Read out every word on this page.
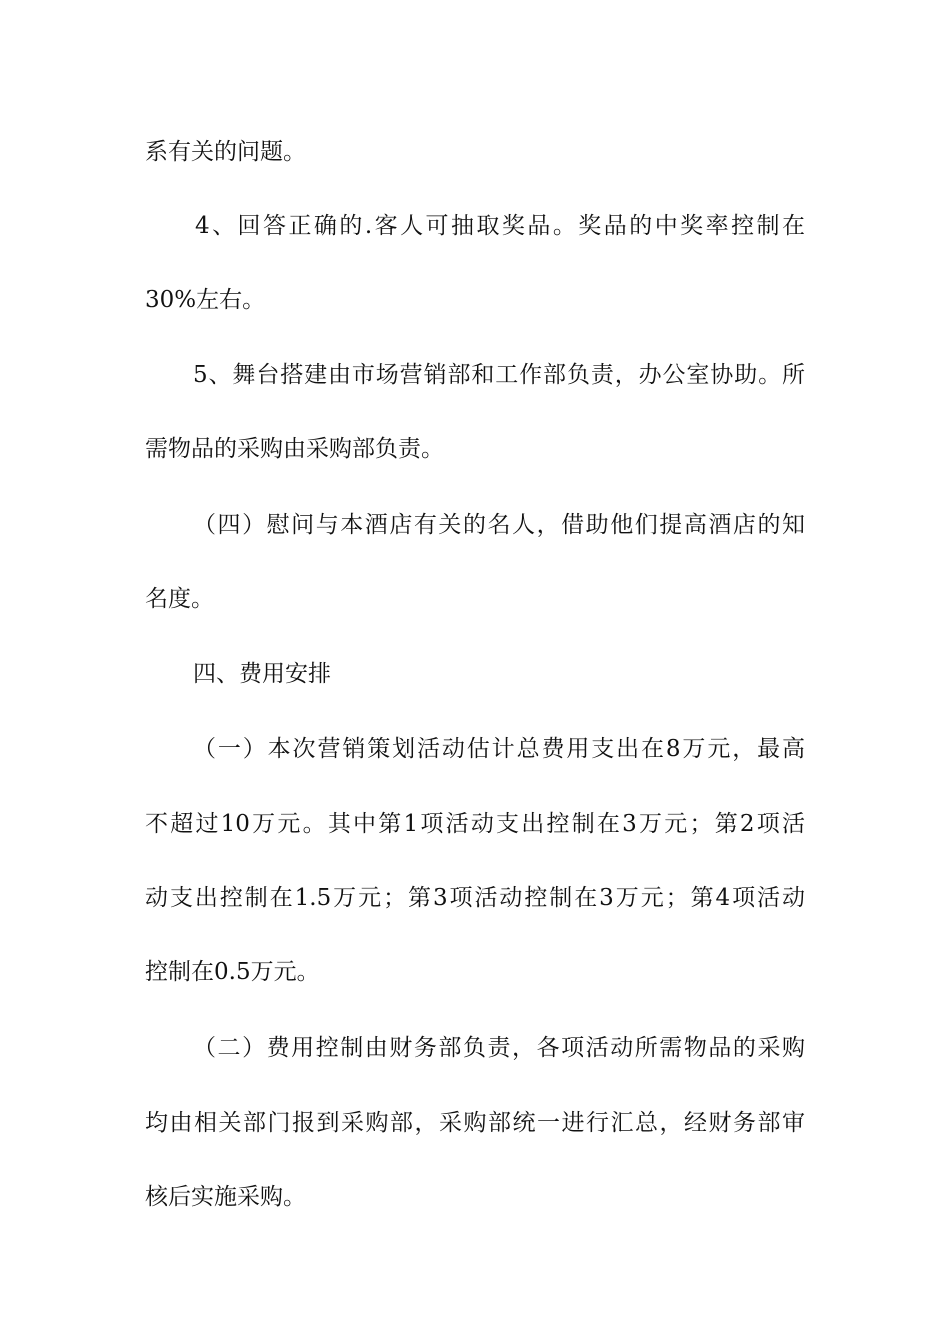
系有关的问题。

4、回答正确的.客人可抽取奖品。奖品的中奖率控制在

30%左右。

5、舞台搭建由市场营销部和工作部负责，办公室协助。所

需物品的采购由采购部负责。

（四）慰问与本酒店有关的名人，借助他们提高酒店的知

名度。

四、费用安排

（一）本次营销策划活动估计总费用支出在8万元，最高

不超过10万元。其中第1项活动支出控制在3万元；第2项活

动支出控制在1.5万元；第3项活动控制在3万元；第4项活动

控制在0.5万元。

（二）费用控制由财务部负责，各项活动所需物品的采购

均由相关部门报到采购部，采购部统一进行汇总，经财务部审

核后实施采购。
